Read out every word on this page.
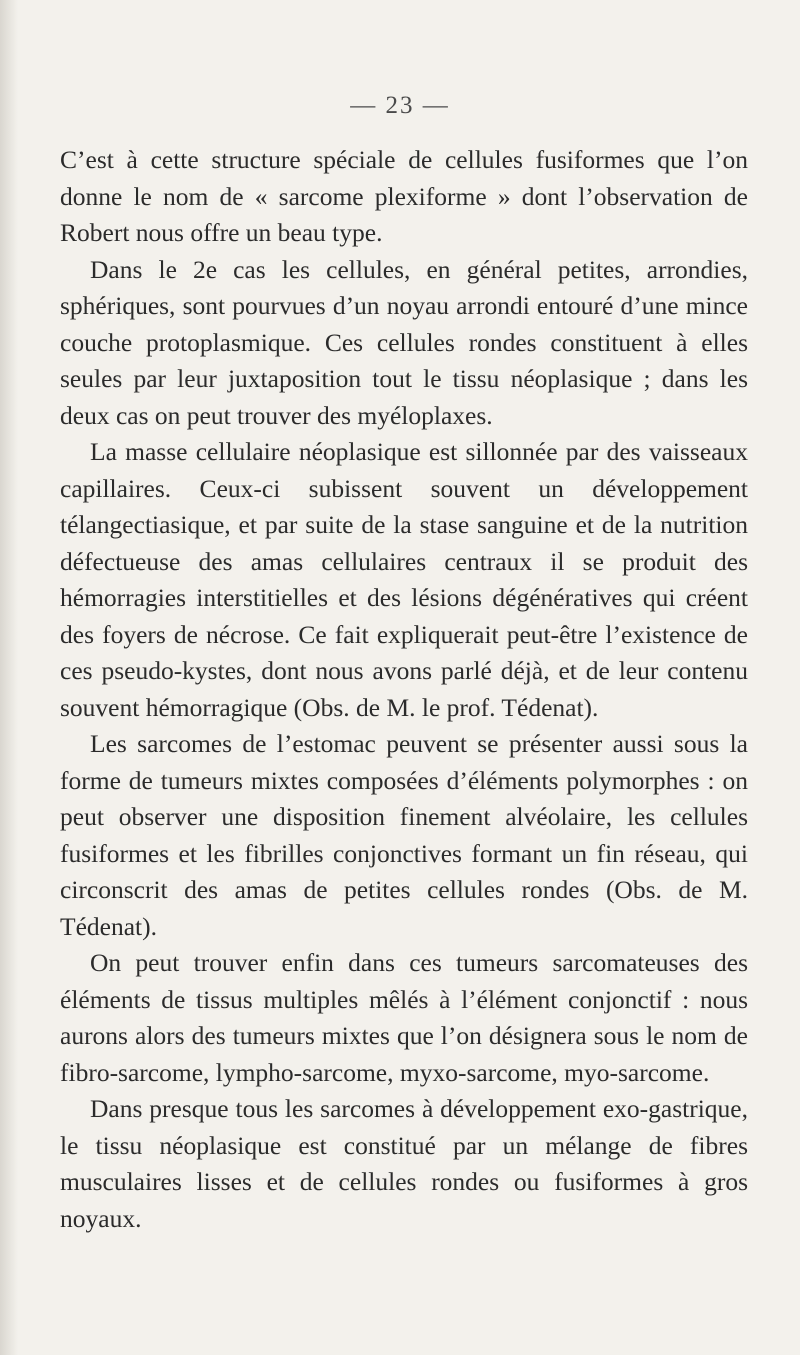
— 23 —

C’est à cette structure spéciale de cellules fusiformes que l’on donne le nom de « sarcome plexiforme » dont l’observation de Robert nous offre un beau type.

Dans le 2e cas les cellules, en général petites, arrondies, sphériques, sont pourvues d’un noyau arrondi entouré d’une mince couche protoplasmique. Ces cellules rondes constituent à elles seules par leur juxtaposition tout le tissu néoplasique ; dans les deux cas on peut trouver des myéloplaxes.

La masse cellulaire néoplasique est sillonnée par des vaisseaux capillaires. Ceux-ci subissent souvent un développement télangectiasique, et par suite de la stase sanguine et de la nutrition défectueuse des amas cellulaires centraux il se produit des hémorragies interstitielles et des lésions dégénératives qui créent des foyers de nécrose. Ce fait expliquerait peut-être l’existence de ces pseudo-kystes, dont nous avons parlé déjà, et de leur contenu souvent hémorragique (Obs. de M. le prof. Tédenat).

Les sarcomes de l’estomac peuvent se présenter aussi sous la forme de tumeurs mixtes composées d’éléments polymorphes : on peut observer une disposition finement alvéolaire, les cellules fusiformes et les fibrilles conjonctives formant un fin réseau, qui circonscrit des amas de petites cellules rondes (Obs. de M. Tédenat).

On peut trouver enfin dans ces tumeurs sarcomateuses des éléments de tissus multiples mêlés à l’élément conjonctif : nous aurons alors des tumeurs mixtes que l’on désignera sous le nom de fibro-sarcome, lympho-sarcome, myxo-sarcome, myo-sarcome.

Dans presque tous les sarcomes à développement exo-gastrique, le tissu néoplasique est constitué par un mélange de fibres musculaires lisses et de cellules rondes ou fusiformes à gros noyaux.
